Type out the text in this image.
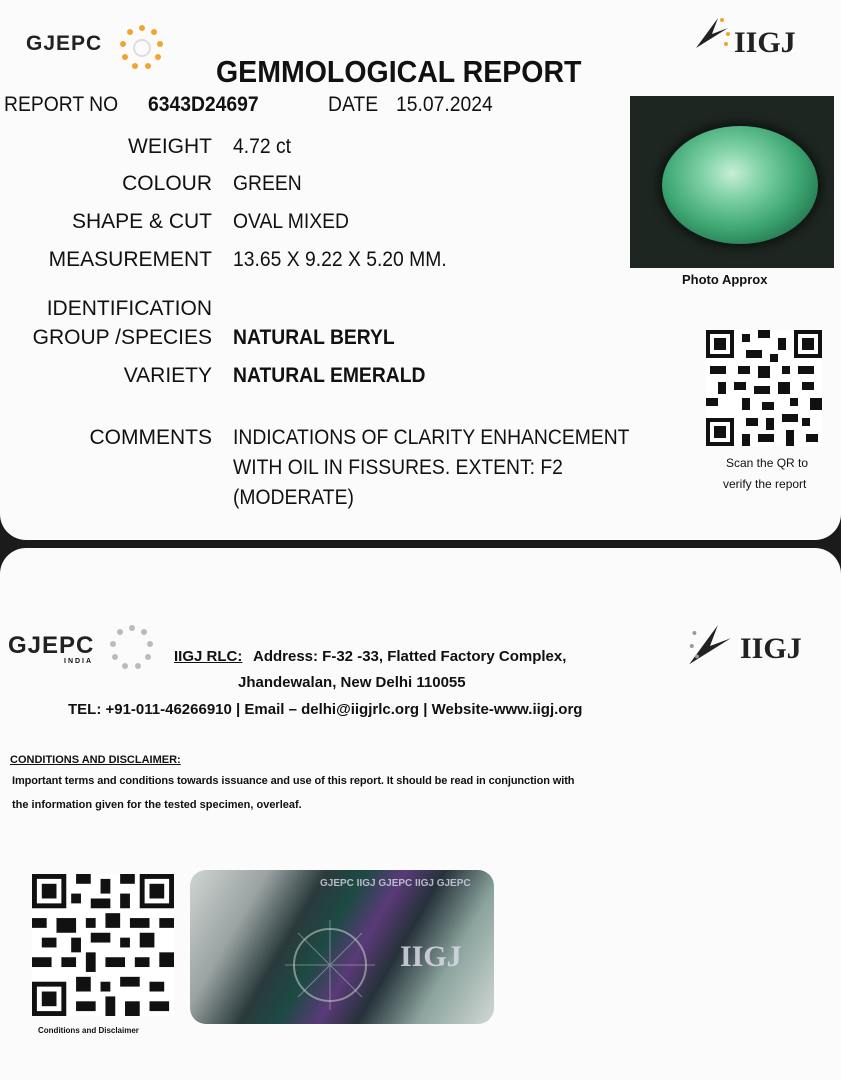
GJEPC	IIGJ
GEMMOLOGICAL REPORT
REPORT NO 6343D24697	DATE 15.07.2024
WEIGHT 4.72 ct
COLOUR GREEN
SHAPE & CUT OVAL MIXED
MEASUREMENT 13.65 X 9.22 X 5.20 MM.
IDENTIFICATION
GROUP /SPECIES NATURAL BERYL
VARIETY NATURAL EMERALD
COMMENTS INDICATIONS OF CLARITY ENHANCEMENT
WITH OIL IN FISSURES. EXTENT: F2
(MODERATE)
Photo Approx
Scan the QR to
verify the report
GJEPC
INDIA	IIGJ
IIGJ RLC: Address: F-32 -33, Flatted Factory Complex,
Jhandewalan, New Delhi 110055
TEL: +91-011-46266910 | Email – delhi@iigjrlc.org | Website-www.iigj.org
CONDITIONS AND DISCLAIMER:
Important terms and conditions towards issuance and use of this report. It should be read in conjunction with
the information given for the tested specimen, overleaf.
Conditions and Disclaimer
GJEPC IIGJ GJEPC IIGJ GJEPC
IIGJ
